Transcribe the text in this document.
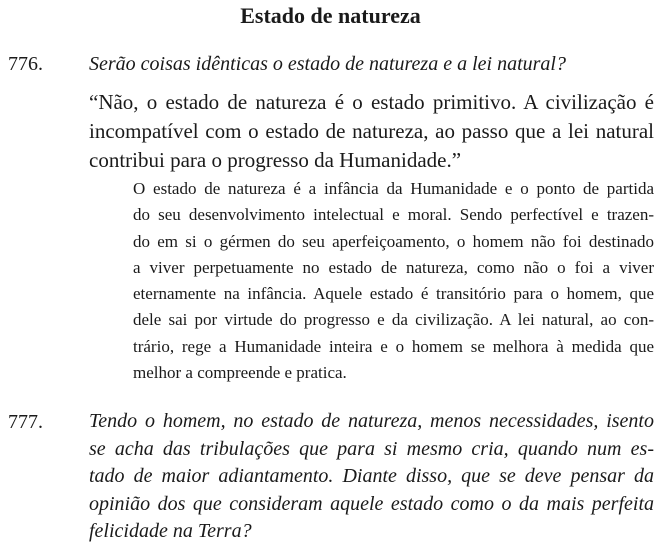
Estado de natureza
776. Serão coisas idênticas o estado de natureza e a lei natural?
“Não, o estado de natureza é o estado primitivo. A civilização é
incompatível com o estado de natureza, ao passo que a lei natural
contribui para o progresso da Humanidade.”
O estado de natureza é a infância da Humanidade e o ponto de partida
do seu desenvolvimento intelectual e moral. Sendo perfectível e trazen-
do em si o gérmen do seu aperfeiçoamento, o homem não foi destinado
a viver perpetuamente no estado de natureza, como não o foi a viver
eternamente na infância. Aquele estado é transitório para o homem, que
dele sai por virtude do progresso e da civilização. A lei natural, ao con-
trário, rege a Humanidade inteira e o homem se melhora à medida que
melhor a compreende e pratica.
777. Tendo o homem, no estado de natureza, menos necessidades, isento
se acha das tribulações que para si mesmo cria, quando num es-
tado de maior adiantamento. Diante disso, que se deve pensar da
opinião dos que consideram aquele estado como o da mais perfeita
felicidade na Terra?
